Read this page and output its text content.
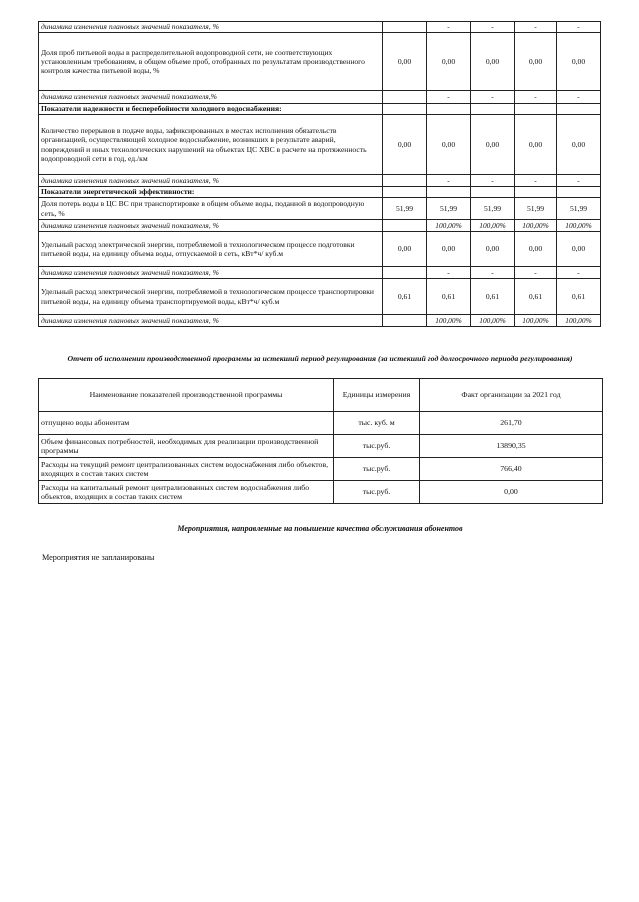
динамика изменения плановых значений показателя, %		-	-	-	-
Доля проб питьевой воды в распределительной водопроводной сети, не соответствующих установленным требованиям, в общем объеме проб, отобранных по результатам производственного контроля качества питьевой воды, %	0,00	0,00	0,00	0,00	0,00
динамика изменения плановых значений показателя,%		-	-	-	-
Показатели надежности и бесперебойности холодного водоснабжения:					
Количество перерывов в подаче воды, зафиксированных в местах исполнения обязательств организацией, осуществляющей холодное водоснабжение, возникших в результате аварий, повреждений и иных технологических нарушений на объектах ЦС ХВС в расчете на протяженность водопроводной сети в год, ед./км	0,00	0,00	0,00	0,00	0,00
динамика изменения плановых значений показателя, %		-	-	-	-
Показатели энергетической эффективности:					
Доля потерь воды в ЦС ВС при транспортировке в общем объеме воды, поданной в водопроводную сеть, %	51,99	51,99	51,99	51,99	51,99
динамика изменения плановых значений показателя, %		100,00%	100,00%	100,00%	100,00%
Удельный расход электрической энергии, потребляемой в технологическом процессе подготовки питьевой воды, на единицу объема воды, отпускаемой в сеть, кВт*ч/ куб.м	0,00	0,00	0,00	0,00	0,00
динамика изменения плановых значений показателя, %		-	-	-	-
Удельный расход электрической энергии, потребляемой в технологическом процессе транспортировки питьевой воды, на единицу объема транспортируемой воды, кВт*ч/ куб.м	0,61	0,61	0,61	0,61	0,61
динамика изменения плановых значений показателя, %		100,00%	100,00%	100,00%	100,00%
Отчет об исполнении производственной программы за истекший период регулирования (за истекший год долгосрочного периода регулирования)
Наименование показателей производственной программы	Единицы измерения	Факт организации за 2021 год
отпущено воды абонентам	тыс. куб. м	261,70
Объем финансовых потребностей, необходимых для реализации производственной программы	тыс.руб.	13890,35
Расходы на текущий ремонт централизованных систем водоснабжения либо объектов, входящих в состав таких систем	тыс.руб.	766,40
Расходы на капитальный ремонт централизованных систем водоснабжения либо объектов, входящих в состав таких систем	тыс.руб.	0,00
Мероприятия, направленные на повышение качества обслуживания абонентов
Мероприятия не запланированы
